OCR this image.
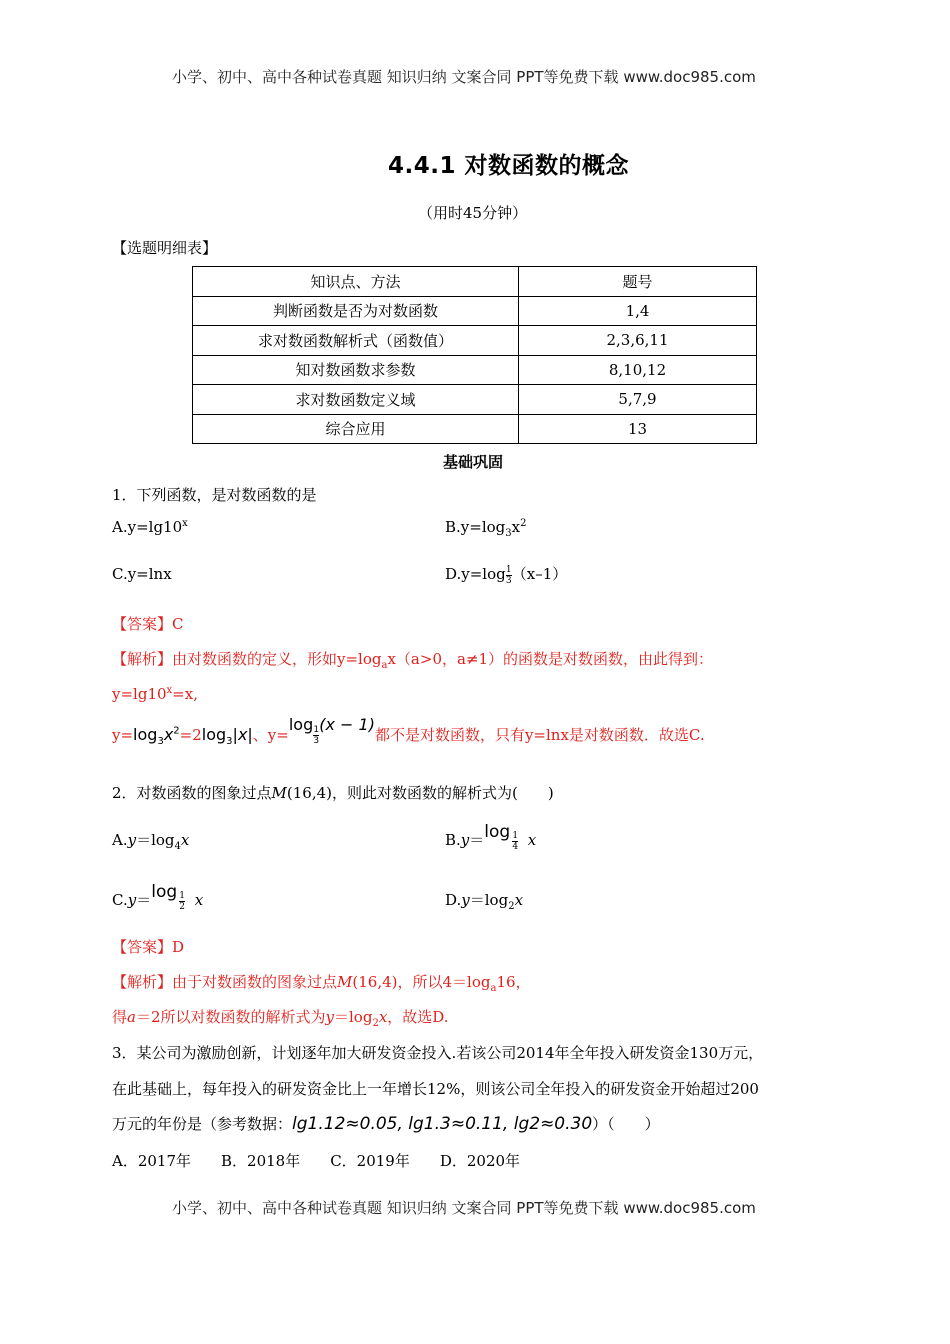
小学、初中、高中各种试卷真题 知识归纳 文案合同 PPT等免费下载 www.doc985.com
4.4.1 对数函数的概念
（用时45分钟）
【选题明细表】
知识点、方法	题号
判断函数是否为对数函数	1,4
求对数函数解析式（函数值）	2,3,6,11
知对数函数求参数	8,10,12
求对数函数定义域	5,7,9
综合应用	13
基础巩固
1．下列函数，是对数函数的是
$A.y=\lg 10^x$	$B.y=\log_3x^2$
C.y=lnx	$D.y=\log\frac{1}{3}(x-1)$
【答案】C
【解析】由对数函数的定义，形如$y=\log_ax(a>0$，a≠1）的函数是对数函数，由此得到：
$y=\lg 10^x=x$,
$y=\log_3x^2=2\log_3|x|$、$y=\log\frac{1}{3}(x - 1)$都不是对数函数，只有y=lnx是对数函数．故选C.
2．对数函数的图象过点M(16,4)，则此对数函数的解析式为(　　)
$A.y=\log_4x$	$B.y=\log \frac{1}{4}$ x
$C.y=\log \frac{1}{2}$ x	$D.y=\log_2x$
【答案】D
【解析】由于对数函数的图象过点M(16,4)，所以$4=\log_a16$，
得a＝2所以对数函数的解析式为$y=\log_2x$，故选D.
3．某公司为激励创新，计划逐年加大研发资金投入.若该公司2014年全年投入研发资金130万元，
在此基础上，每年投入的研发资金比上一年增长12%，则该公司全年投入的研发资金开始超过200
万元的年份是（参考数据：lg1.12≈0.05, lg1.3≈0.11, lg2≈0.30）（　　）
A．2017年　　B．2018年　　C．2019年　　D．2020年
小学、初中、高中各种试卷真题 知识归纳 文案合同 PPT等免费下载 www.doc985.com
